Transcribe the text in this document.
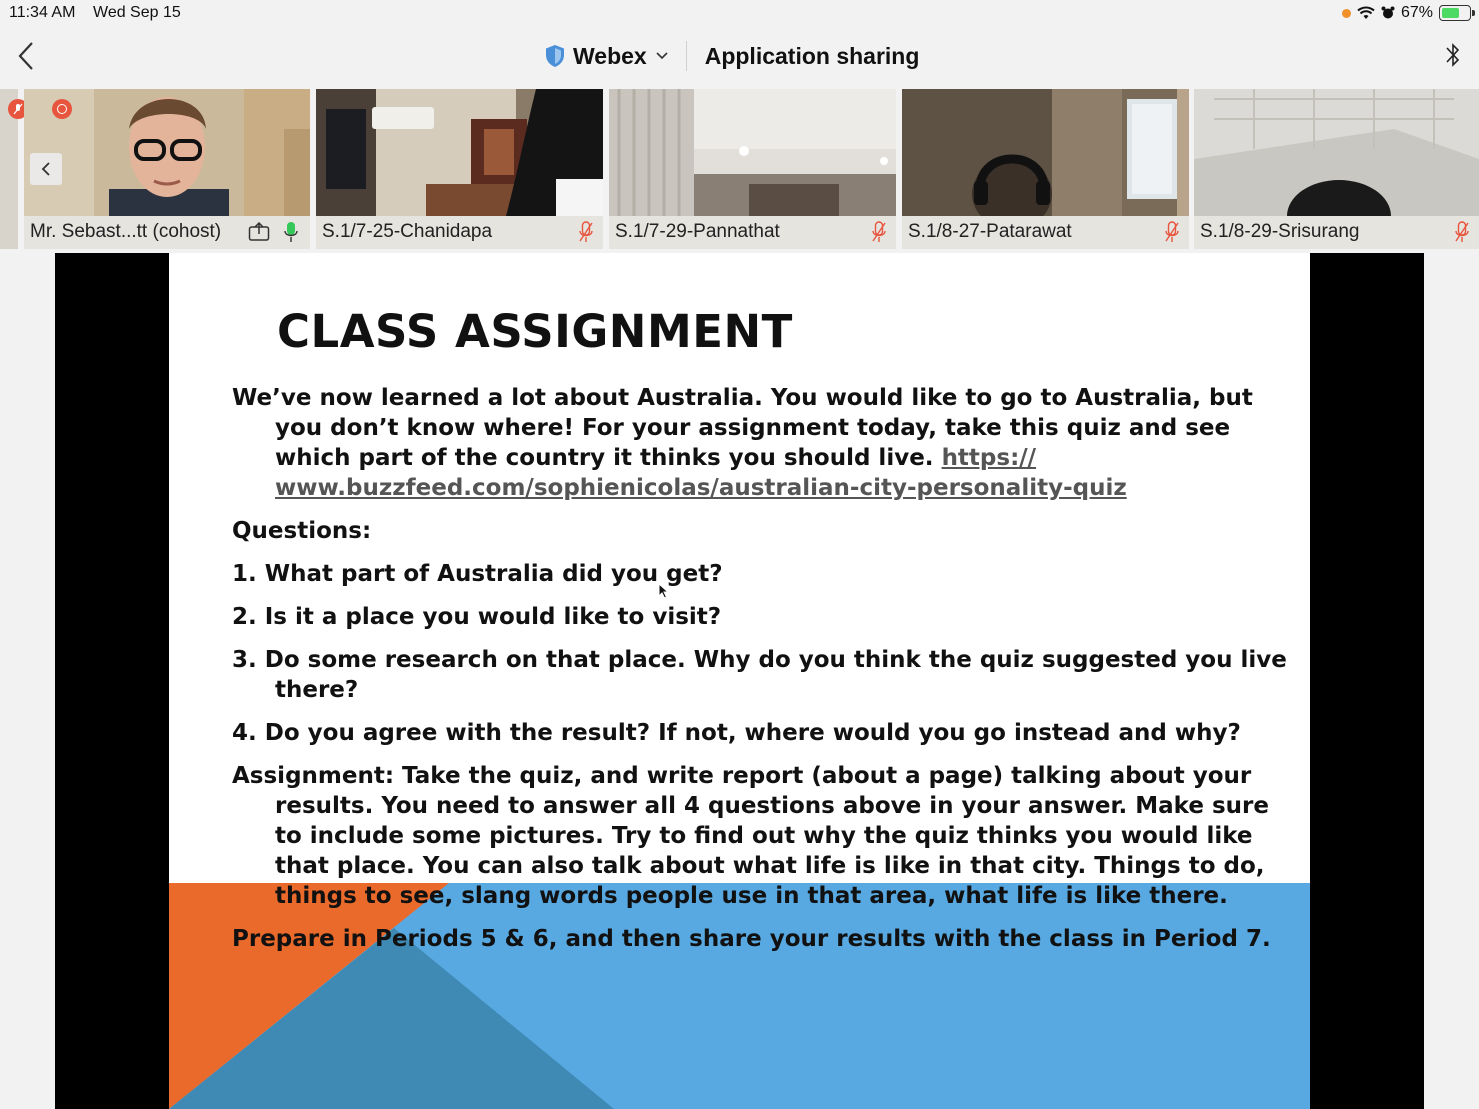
11:34 AM Wed Sep 15	67%
Webex	Application sharing
Mr. Sebast...tt (cohost)	S.1/7-25-Chanidapa	S.1/7-29-Pannathat	S.1/8-27-Patarawat	S.1/8-29-Srisurang
CLASS ASSIGNMENT
We’ve now learned a lot about Australia. You would like to go to Australia, but
you don’t know where! For your assignment today, take this quiz and see
which part of the country it thinks you should live. https://
www.buzzfeed.com/sophienicolas/australian-city-personality-quiz
Questions:
1. What part of Australia did you get?
2. Is it a place you would like to visit?
3. Do some research on that place. Why do you think the quiz suggested you live
there?
4. Do you agree with the result? If not, where would you go instead and why?
Assignment: Take the quiz, and write report (about a page) talking about your
results. You need to answer all 4 questions above in your answer. Make sure
to include some pictures. Try to find out why the quiz thinks you would like
that place. You can also talk about what life is like in that city. Things to do,
things to see, slang words people use in that area, what life is like there.
Prepare in Periods 5 & 6, and then share your results with the class in Period 7.
